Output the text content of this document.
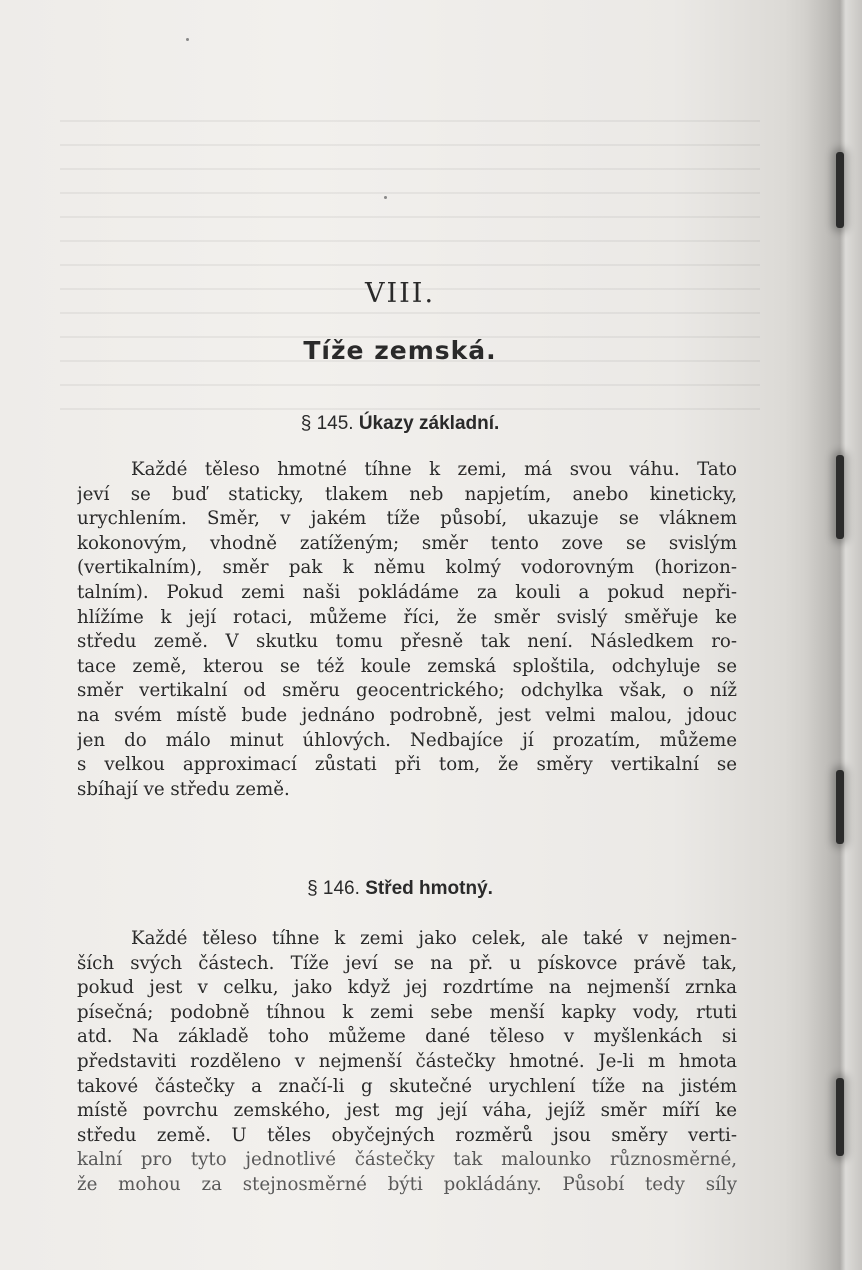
VIII.
Tíže zemská.
§ 145. Úkazy základní.
Každé těleso hmotné tíhne k zemi, má svou váhu. Tato
jeví se buď staticky, tlakem neb napjetím, anebo kineticky,
urychlením. Směr, v jakém tíže působí, ukazuje se vláknem
kokonovým, vhodně zatíženým; směr tento zove se svislým
(vertikalním), směr pak k němu kolmý vodorovným (horizon-
talním). Pokud zemi naši pokládáme za kouli a pokud nepři-
hlížíme k její rotaci, můžeme říci, že směr svislý směřuje ke
středu země. V skutku tomu přesně tak není. Následkem ro-
tace země, kterou se též koule zemská sploštila, odchyluje se
směr vertikalní od směru geocentrického; odchylka však, o níž
na svém místě bude jednáno podrobně, jest velmi malou, jdouc
jen do málo minut úhlových. Nedbajíce jí prozatím, můžeme
s velkou approximací zůstati při tom, že směry vertikalní se
sbíhají ve středu země.
§ 146. Střed hmotný.
Každé těleso tíhne k zemi jako celek, ale také v nejmen-
ších svých částech. Tíže jeví se na př. u pískovce právě tak,
pokud jest v celku, jako když jej rozdrtíme na nejmenší zrnka
písečná; podobně tíhnou k zemi sebe menší kapky vody, rtuti
atd. Na základě toho můžeme dané těleso v myšlenkách si
představiti rozděleno v nejmenší částečky hmotné. Je-li m hmota
takové částečky a značí-li g skutečné urychlení tíže na jistém
místě povrchu zemského, jest mg její váha, jejíž směr míří ke
středu země. U těles obyčejných rozměrů jsou směry verti-
kalní pro tyto jednotlivé částečky tak malounko různosměrné,
že mohou za stejnosměrné býti pokládány. Působí tedy síly
